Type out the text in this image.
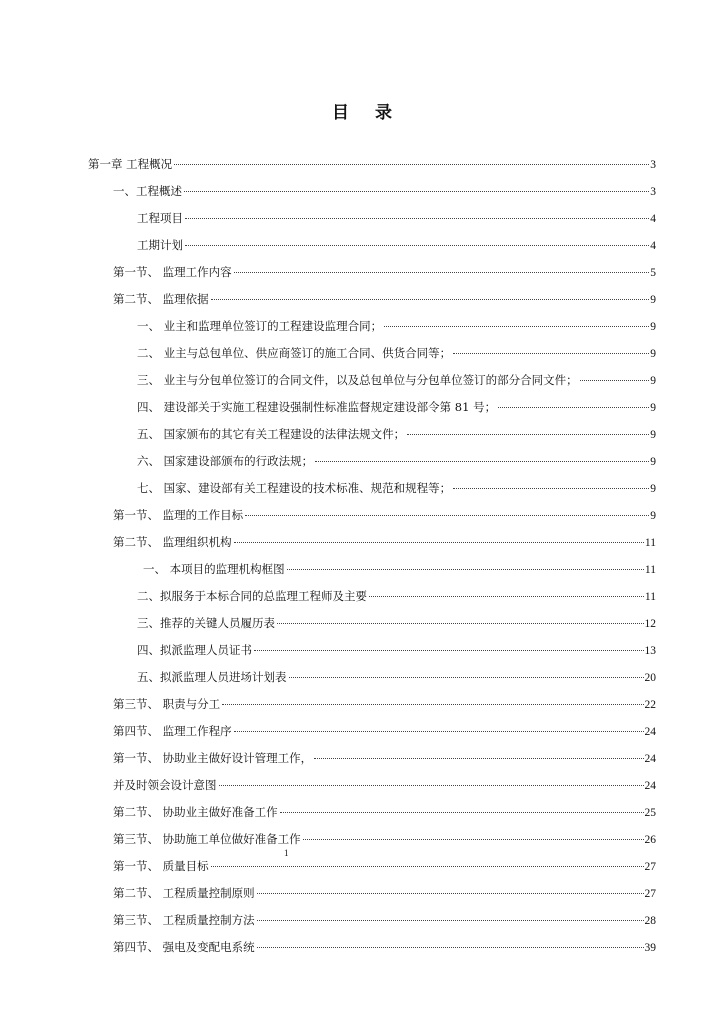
目 录
第一章 工程概况	3
一、工程概述	3
工程项目	4
工期计划	4
第一节、 监理工作内容	5
第二节、 监理依据	9
一、 业主和监理单位签订的工程建设监理合同；	9
二、 业主与总包单位、供应商签订的施工合同、供货合同等；	9
三、 业主与分包单位签订的合同文件，以及总包单位与分包单位签订的部分合同文件；	9
四、 建设部关于实施工程建设强制性标准监督规定建设部令第 81 号；	9
五、 国家颁布的其它有关工程建设的法律法规文件；	9
六、 国家建设部颁布的行政法规；	9
七、 国家、建设部有关工程建设的技术标准、规范和规程等；	9
第一节、 监理的工作目标	9
第二节、 监理组织机构	11
一、 本项目的监理机构框图	11
二、拟服务于本标合同的总监理工程师及主要	11
三、推荐的关键人员履历表	12
四、拟派监理人员证书	13
五、拟派监理人员进场计划表	20
第三节、 职责与分工	22
第四节、 监理工作程序	24
第一节、 协助业主做好设计管理工作，	24
并及时领会设计意图	24
第二节、 协助业主做好准备工作	25
第三节、 协助施工单位做好准备工作	26
第一节、 质量目标	27
第二节、 工程质量控制原则	27
第三节、 工程质量控制方法	28
第四节、 强电及变配电系统	39
1
